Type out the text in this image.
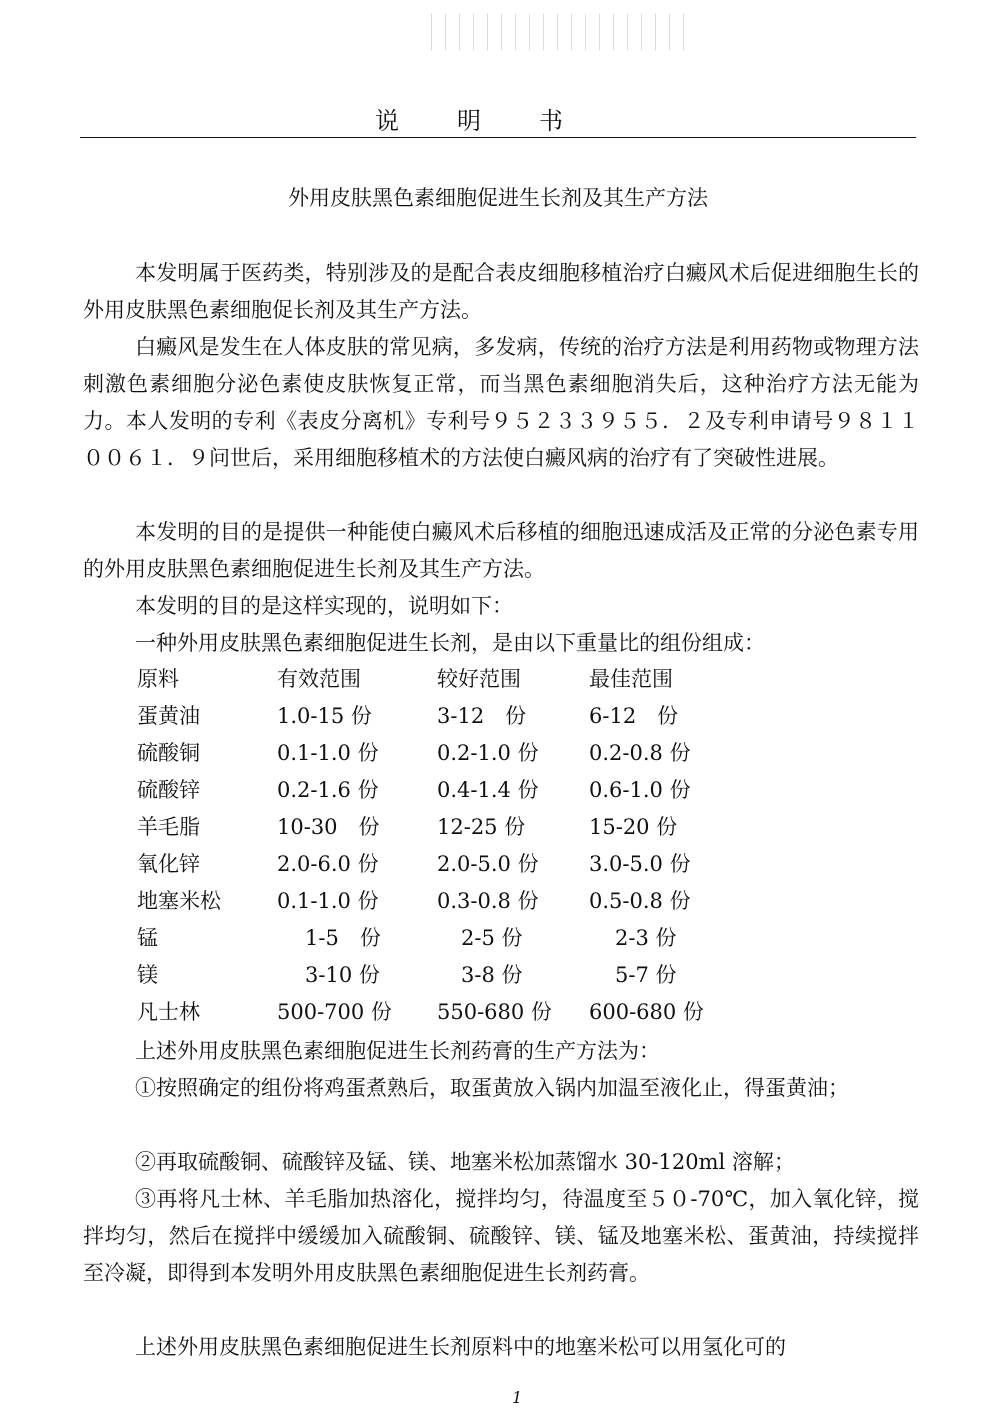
说明书
外用皮肤黑色素细胞促进生长剂及其生产方法

本发明属于医药类，特别涉及的是配合表皮细胞移植治疗白癜风术后促进细胞生长的外用皮肤黑色素细胞促长剂及其生产方法。

白癜风是发生在人体皮肤的常见病，多发病，传统的治疗方法是利用药物或物理方法刺激色素细胞分泌色素使皮肤恢复正常，而当黑色素细胞消失后，这种治疗方法无能为力。本人发明的专利《表皮分离机》专利号９５２３３９５５．２及专利申请号９８１１００６１．９问世后，采用细胞移植术的方法使白癜风病的治疗有了突破性进展。

本发明的目的是提供一种能使白癜风术后移植的细胞迅速成活及正常的分泌色素专用的外用皮肤黑色素细胞促进生长剂及其生产方法。

本发明的目的是这样实现的，说明如下：

一种外用皮肤黑色素细胞促进生长剂，是由以下重量比的组份组成：

原料	有效范围	较好范围	最佳范围
蛋黄油	1.0-15 份	3-12　份	6-12　份
硫酸铜	0.1-1.0 份	0.2-1.0 份 0.2-0.8 份
硫酸锌	0.2-1.6 份	0.4-1.4 份 0.6-1.0 份
羊毛脂	10-30　份	12-25 份	15-20 份
氧化锌	2.0-6.0 份	2.0-5.0 份 3.0-5.0 份
地塞米松	0.1-1.0 份	0.3-0.8 份 0.5-0.8 份
锰	1-5　份	2-5 份	2-3 份
镁	3-10 份	3-8 份	5-7 份
凡士林	500-700 份 550-680 份 600-680 份

上述外用皮肤黑色素细胞促进生长剂药膏的生产方法为：

①按照确定的组份将鸡蛋煮熟后，取蛋黄放入锅内加温至液化止，得蛋黄油；

②再取硫酸铜、硫酸锌及锰、镁、地塞米松加蒸馏水 30-120ml 溶解；

③再将凡士林、羊毛脂加热溶化，搅拌均匀，待温度至５０-70℃，加入氧化锌，搅拌均匀，然后在搅拌中缓缓加入硫酸铜、硫酸锌、镁、锰及地塞米松、蛋黄油，持续搅拌至冷凝，即得到本发明外用皮肤黑色素细胞促进生长剂药膏。

上述外用皮肤黑色素细胞促进生长剂原料中的地塞米松可以用氢化可的

1
